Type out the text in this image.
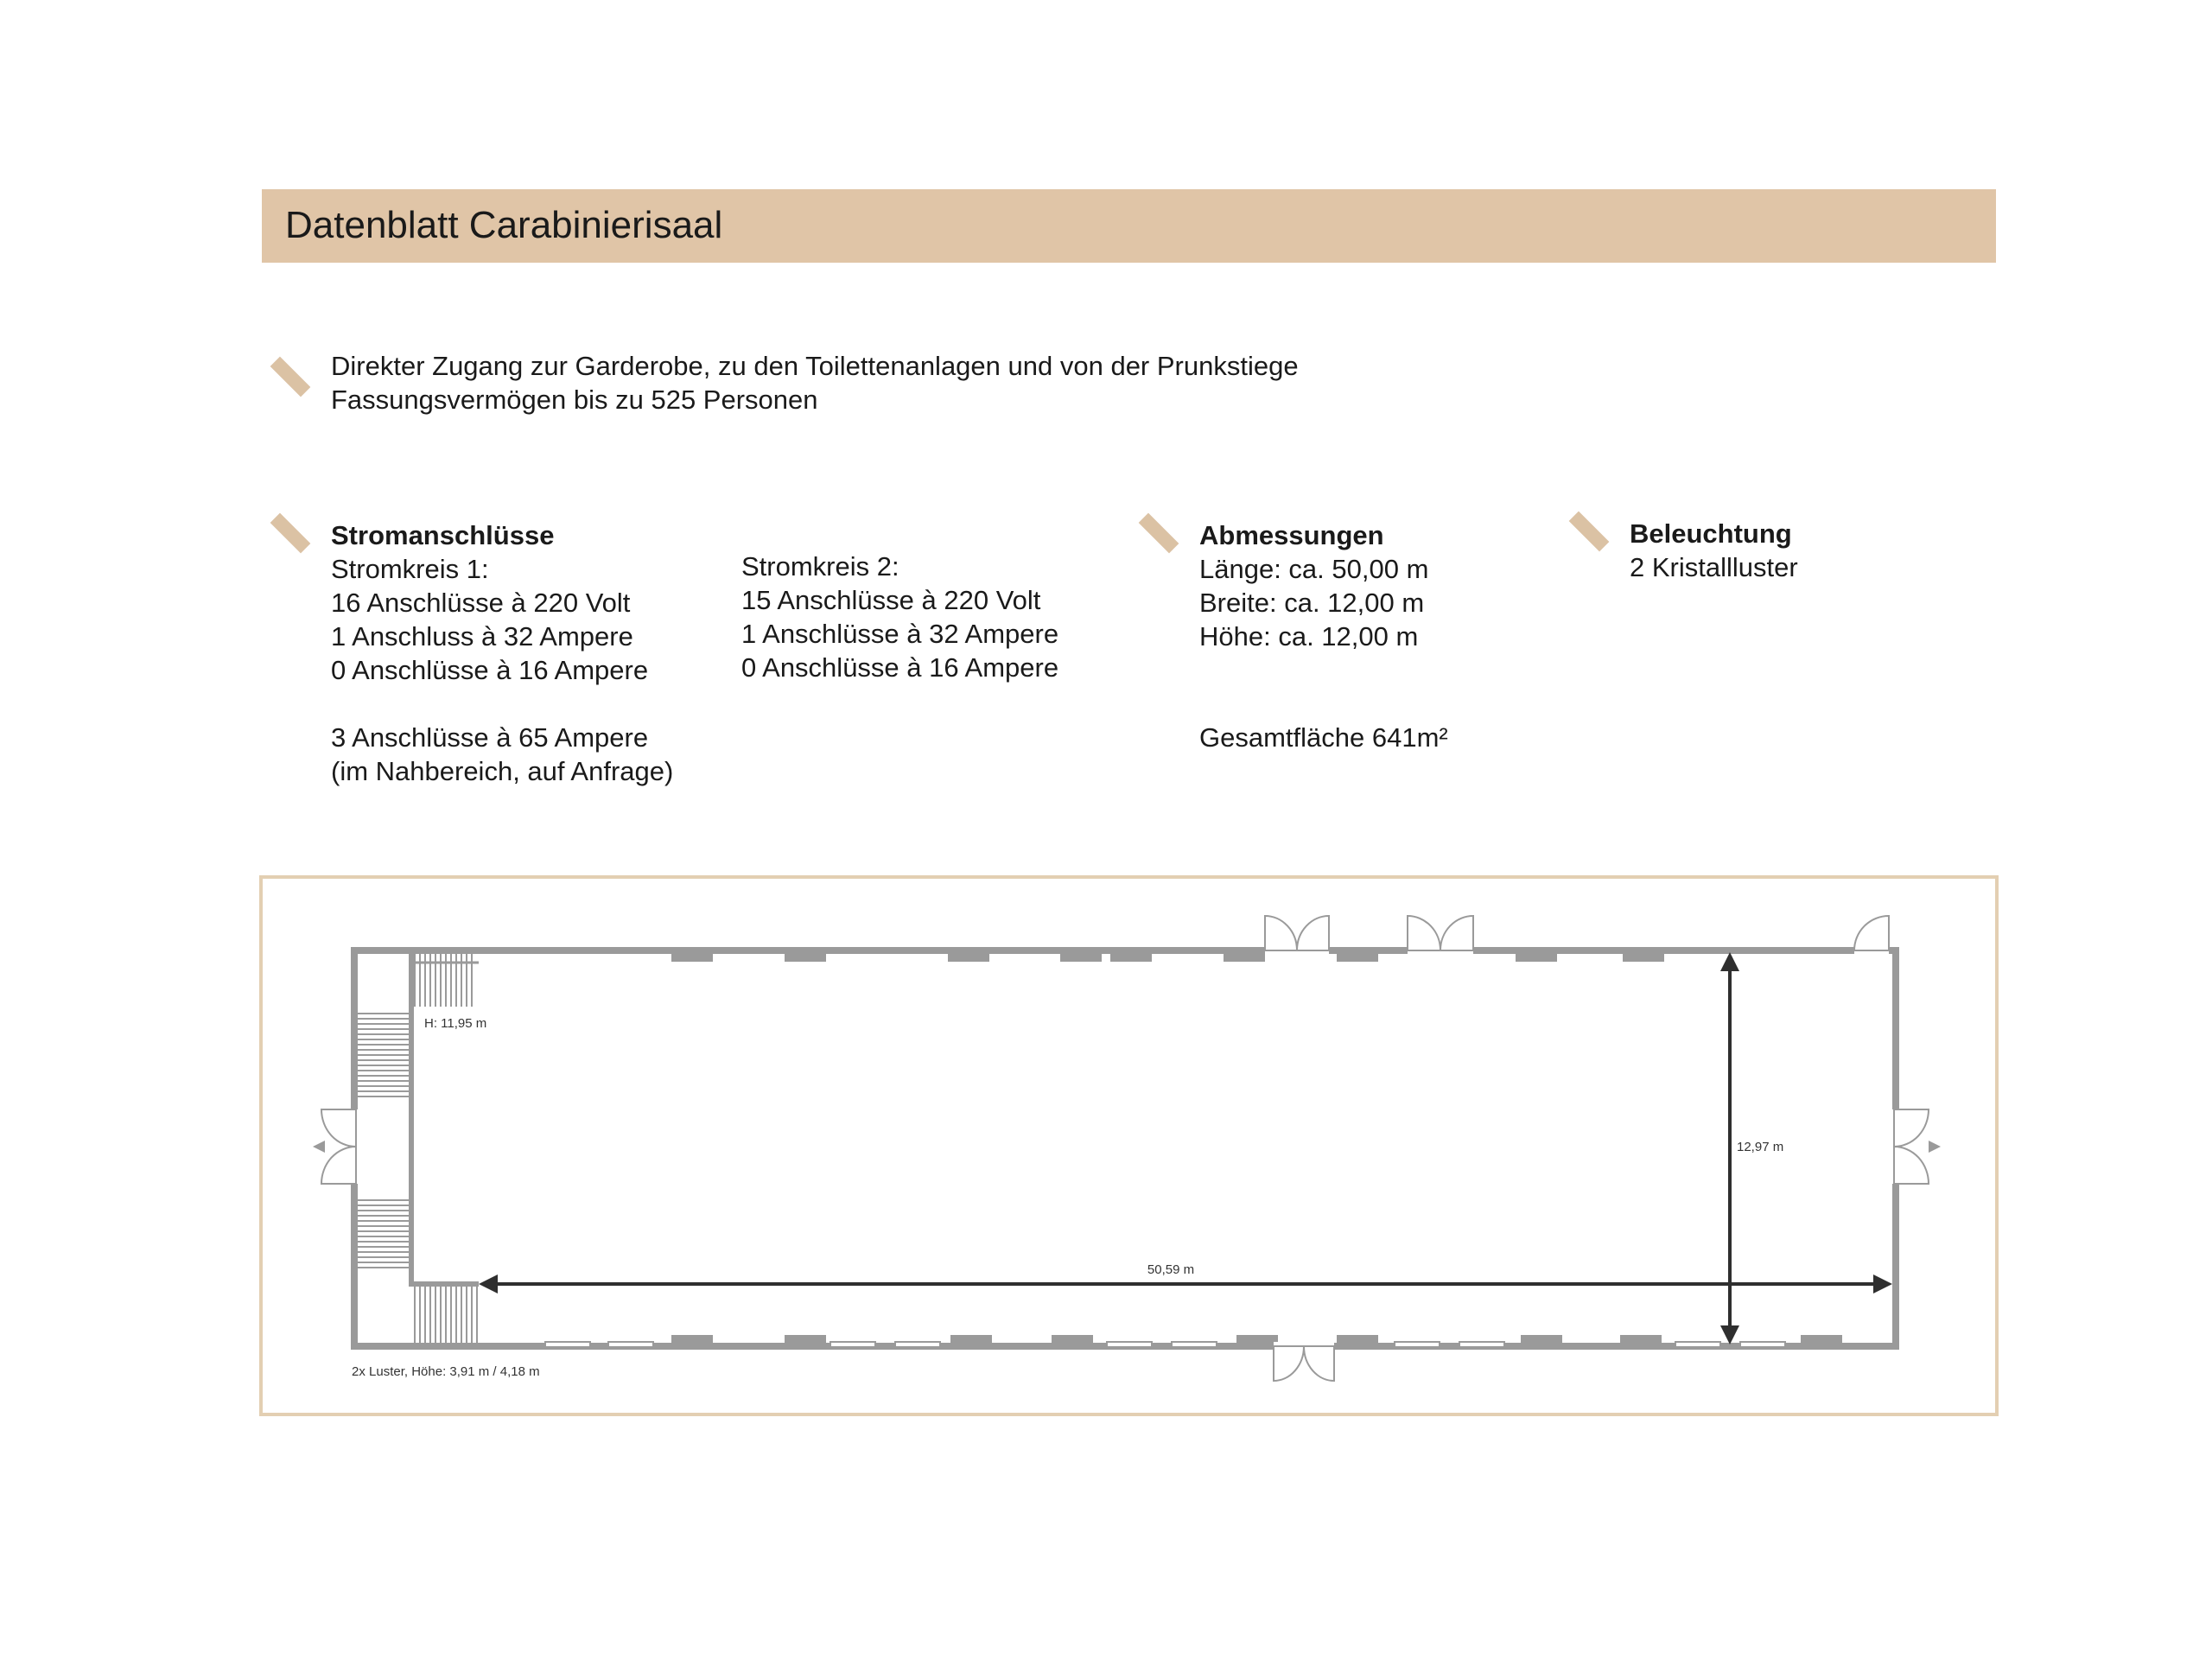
Datenblatt Carabinierisaal
Direkter Zugang zur Garderobe, zu den Toilettenanlagen und von der Prunkstiege
Fassungsvermögen bis zu 525 Personen
Stromanschlüsse
Stromkreis 1:
16 Anschlüsse à 220 Volt
1 Anschluss à 32 Ampere
0 Anschlüsse à 16 Ampere
3 Anschlüsse à 65 Ampere
(im Nahbereich, auf Anfrage)
Stromkreis 2:
15 Anschlüsse à 220 Volt
1 Anschlüsse à 32 Ampere
0 Anschlüsse à 16 Ampere
Abmessungen
Länge: ca. 50,00 m
Breite: ca. 12,00 m
Höhe: ca. 12,00 m
Gesamtfläche 641m²
Beleuchtung
2 Kristallluster
H: 11,95 m
50,59 m
12,97 m
2x Luster, Höhe: 3,91 m / 4,18 m
